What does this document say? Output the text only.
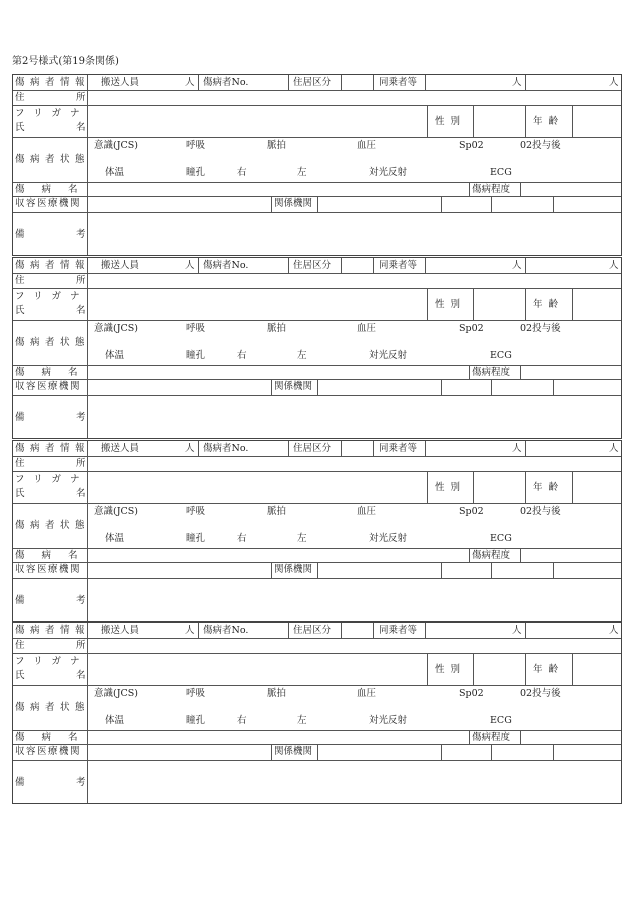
第2号様式(第19条関係)
傷病者情報 搬送人員	人 傷病者No.	住居区分	同乗者等	人	人
住	所
フリガナ
氏	名
性別	年齢
傷病者状態
意識(JCS)	呼吸	脈拍	血圧	Sp02	02投与後
体温	瞳孔	右	左	対光反射	ECG
傷病名	傷病程度
収容医療機関	関係機関
備	考
傷病者情報 搬送人員	人 傷病者No.	住居区分	同乗者等	人	人
住	所
フリガナ
氏	名
性別	年齢
傷病者状態
意識(JCS)	呼吸	脈拍	血圧	Sp02	02投与後
体温	瞳孔	右	左	対光反射	ECG
傷病名	傷病程度
収容医療機関	関係機関
備	考
傷病者情報 搬送人員	人 傷病者No.	住居区分	同乗者等	人	人
住	所
フリガナ
氏	名
性別	年齢
傷病者状態
意識(JCS)	呼吸	脈拍	血圧	Sp02	02投与後
体温	瞳孔	右	左	対光反射	ECG
傷病名	傷病程度
収容医療機関	関係機関
備	考
傷病者情報 搬送人員	人 傷病者No.	住居区分	同乗者等	人	人
住	所
フリガナ
氏	名
性別	年齢
傷病者状態
意識(JCS)	呼吸	脈拍	血圧	Sp02	02投与後
体温	瞳孔	右	左	対光反射	ECG
傷病名	傷病程度
収容医療機関	関係機関
備	考
